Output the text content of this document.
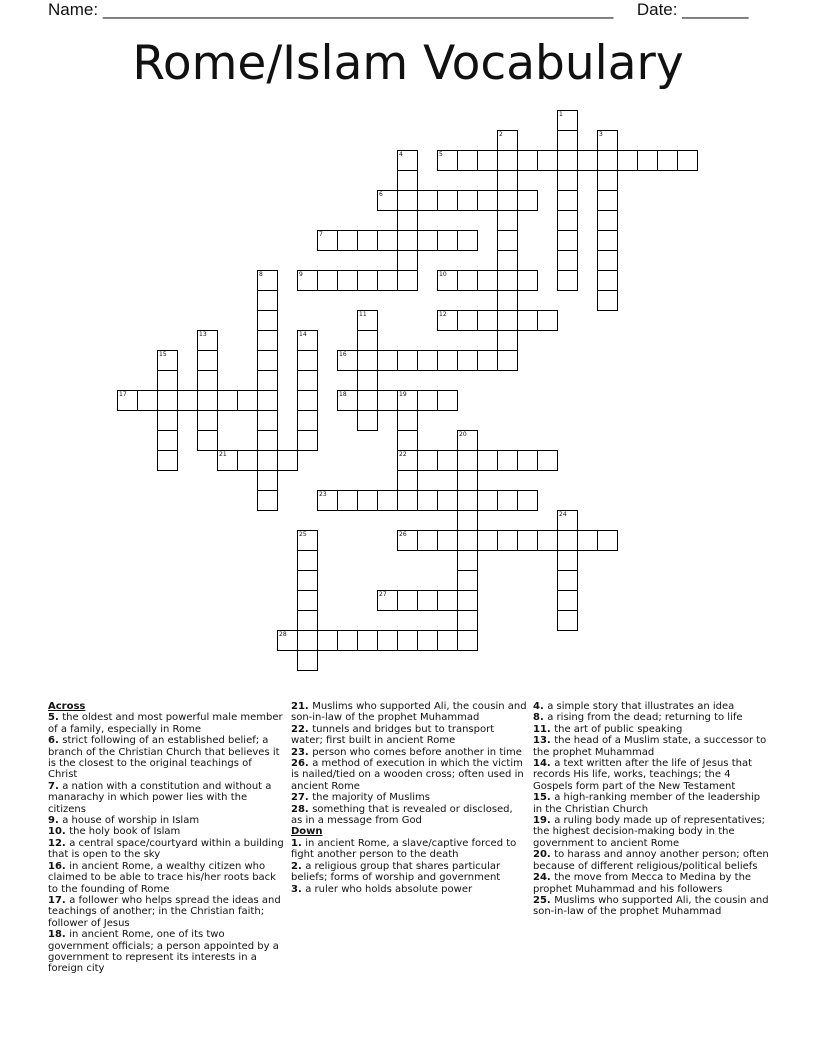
Name: ______________________________________________________ Date: _______
Rome/Islam Vocabulary
1
2	3
4	5
6
7
8	9	10
11	12
13	14
15	16
17	18	19
22
20
21
23
24
25	26
27
28
Across
5. the oldest and most powerful male member of a family, especially in Rome
6. strict following of an established belief; a branch of the Christian Church that believes it is the closest to the original teachings of Christ
7. a nation with a constitution and without a manarachy in which power lies with the citizens
9. a house of worship in Islam
10. the holy book of Islam
12. a central space/courtyard within a building that is open to the sky
16. in ancient Rome, a wealthy citizen who claimed to be able to trace his/her roots back to the founding of Rome
17. a follower who helps spread the ideas and teachings of another; in the Christian faith; follower of Jesus
18. in ancient Rome, one of its two government officials; a person appointed by a government to represent its interests in a foreign city
21. Muslims who supported Ali, the cousin and son-in-law of the prophet Muhammad
22. tunnels and bridges but to transport water; first built in ancient Rome
23. person who comes before another in time
26. a method of execution in which the victim is nailed/tied on a wooden cross; often used in ancient Rome
27. the majority of Muslims
28. something that is revealed or disclosed, as in a message from God
Down
1. in ancient Rome, a slave/captive forced to fight another person to the death
2. a religious group that shares particular beliefs; forms of worship and government
3. a ruler who holds absolute power
4. a simple story that illustrates an idea
8. a rising from the dead; returning to life
11. the art of public speaking
13. the head of a Muslim state, a successor to the prophet Muhammad
14. a text written after the life of Jesus that records His life, works, teachings; the 4 Gospels form part of the New Testament
15. a high-ranking member of the leadership in the Christian Church
19. a ruling body made up of representatives; the highest decision-making body in the government to ancient Rome
20. to harass and annoy another person; often because of different religious/political beliefs
24. the move from Mecca to Medina by the prophet Muhammad and his followers
25. Muslims who supported Ali, the cousin and son-in-law of the prophet Muhammad
